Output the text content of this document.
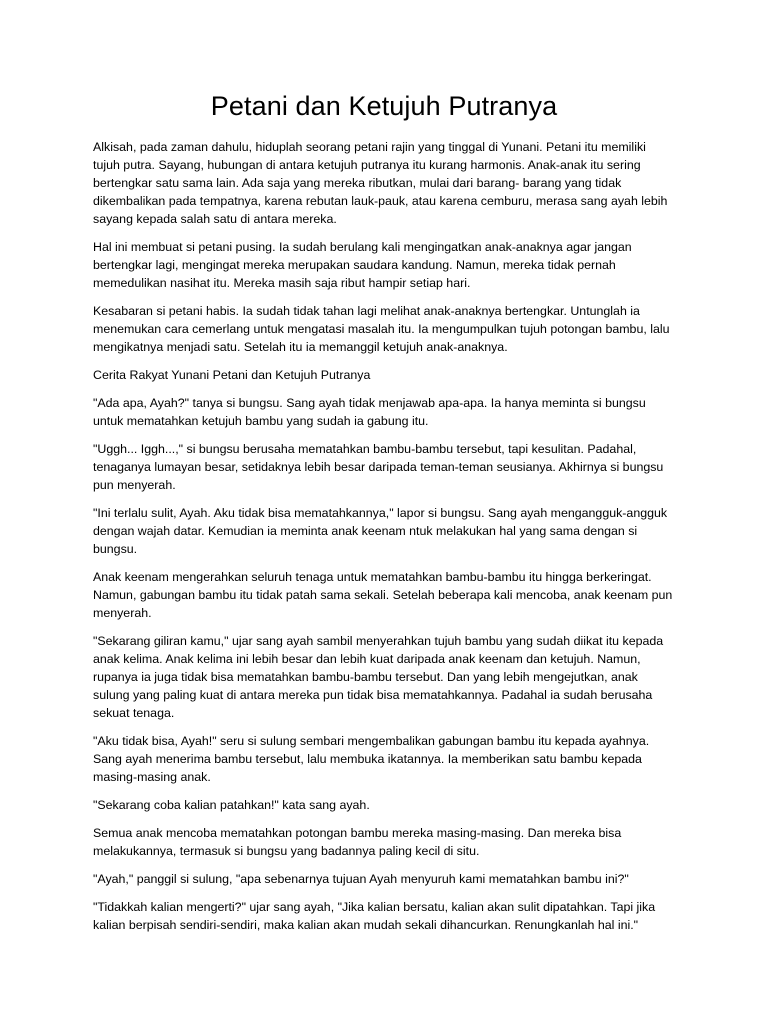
Petani dan Ketujuh Putranya

Alkisah, pada zaman dahulu, hiduplah seorang petani rajin yang tinggal di Yunani. Petani itu memiliki tujuh putra. Sayang, hubungan di antara ketujuh putranya itu kurang harmonis. Anak-anak itu sering bertengkar satu sama lain. Ada saja yang mereka ributkan, mulai dari barang- barang yang tidak dikembalikan pada tempatnya, karena rebutan lauk-pauk, atau karena cemburu, merasa sang ayah lebih sayang kepada salah satu di antara mereka.

Hal ini membuat si petani pusing. Ia sudah berulang kali mengingatkan anak-anaknya agar jangan bertengkar lagi, mengingat mereka merupakan saudara kandung. Namun, mereka tidak pernah memedulikan nasihat itu. Mereka masih saja ribut hampir setiap hari.

Kesabaran si petani habis. Ia sudah tidak tahan lagi melihat anak-anaknya bertengkar. Untunglah ia menemukan cara cemerlang untuk mengatasi masalah itu. Ia mengumpulkan tujuh potongan bambu, lalu mengikatnya menjadi satu. Setelah itu ia memanggil ketujuh anak-anaknya.

Cerita Rakyat Yunani Petani dan Ketujuh Putranya

"Ada apa, Ayah?" tanya si bungsu. Sang ayah tidak menjawab apa-apa. Ia hanya meminta si bungsu untuk mematahkan ketujuh bambu yang sudah ia gabung itu.

"Uggh... Iggh...," si bungsu berusaha mematahkan bambu-bambu tersebut, tapi kesulitan. Padahal, tenaganya lumayan besar, setidaknya lebih besar daripada teman-teman seusianya. Akhirnya si bungsu pun menyerah.

"Ini terlalu sulit, Ayah. Aku tidak bisa mematahkannya," lapor si bungsu. Sang ayah mengangguk-angguk dengan wajah datar. Kemudian ia meminta anak keenam ntuk melakukan hal yang sama dengan si bungsu.

Anak keenam mengerahkan seluruh tenaga untuk mematahkan bambu-bambu itu hingga berkeringat. Namun, gabungan bambu itu tidak patah sama sekali. Setelah beberapa kali mencoba, anak keenam pun menyerah.

"Sekarang giliran kamu," ujar sang ayah sambil menyerahkan tujuh bambu yang sudah diikat itu kepada anak kelima. Anak kelima ini lebih besar dan lebih kuat daripada anak keenam dan ketujuh. Namun, rupanya ia juga tidak bisa mematahkan bambu-bambu tersebut. Dan yang lebih mengejutkan, anak sulung yang paling kuat di antara mereka pun tidak bisa mematahkannya. Padahal ia sudah berusaha sekuat tenaga.

"Aku tidak bisa, Ayah!" seru si sulung sembari mengembalikan gabungan bambu itu kepada ayahnya. Sang ayah menerima bambu tersebut, lalu membuka ikatannya. Ia memberikan satu bambu kepada masing-masing anak.

"Sekarang coba kalian patahkan!" kata sang ayah.

Semua anak mencoba mematahkan potongan bambu mereka masing-masing. Dan mereka bisa melakukannya, termasuk si bungsu yang badannya paling kecil di situ.

"Ayah," panggil si sulung, "apa sebenarnya tujuan Ayah menyuruh kami mematahkan bambu ini?"

"Tidakkah kalian mengerti?" ujar sang ayah, "Jika kalian bersatu, kalian akan sulit dipatahkan. Tapi jika kalian berpisah sendiri-sendiri, maka kalian akan mudah sekali dihancurkan. Renungkanlah hal ini."
